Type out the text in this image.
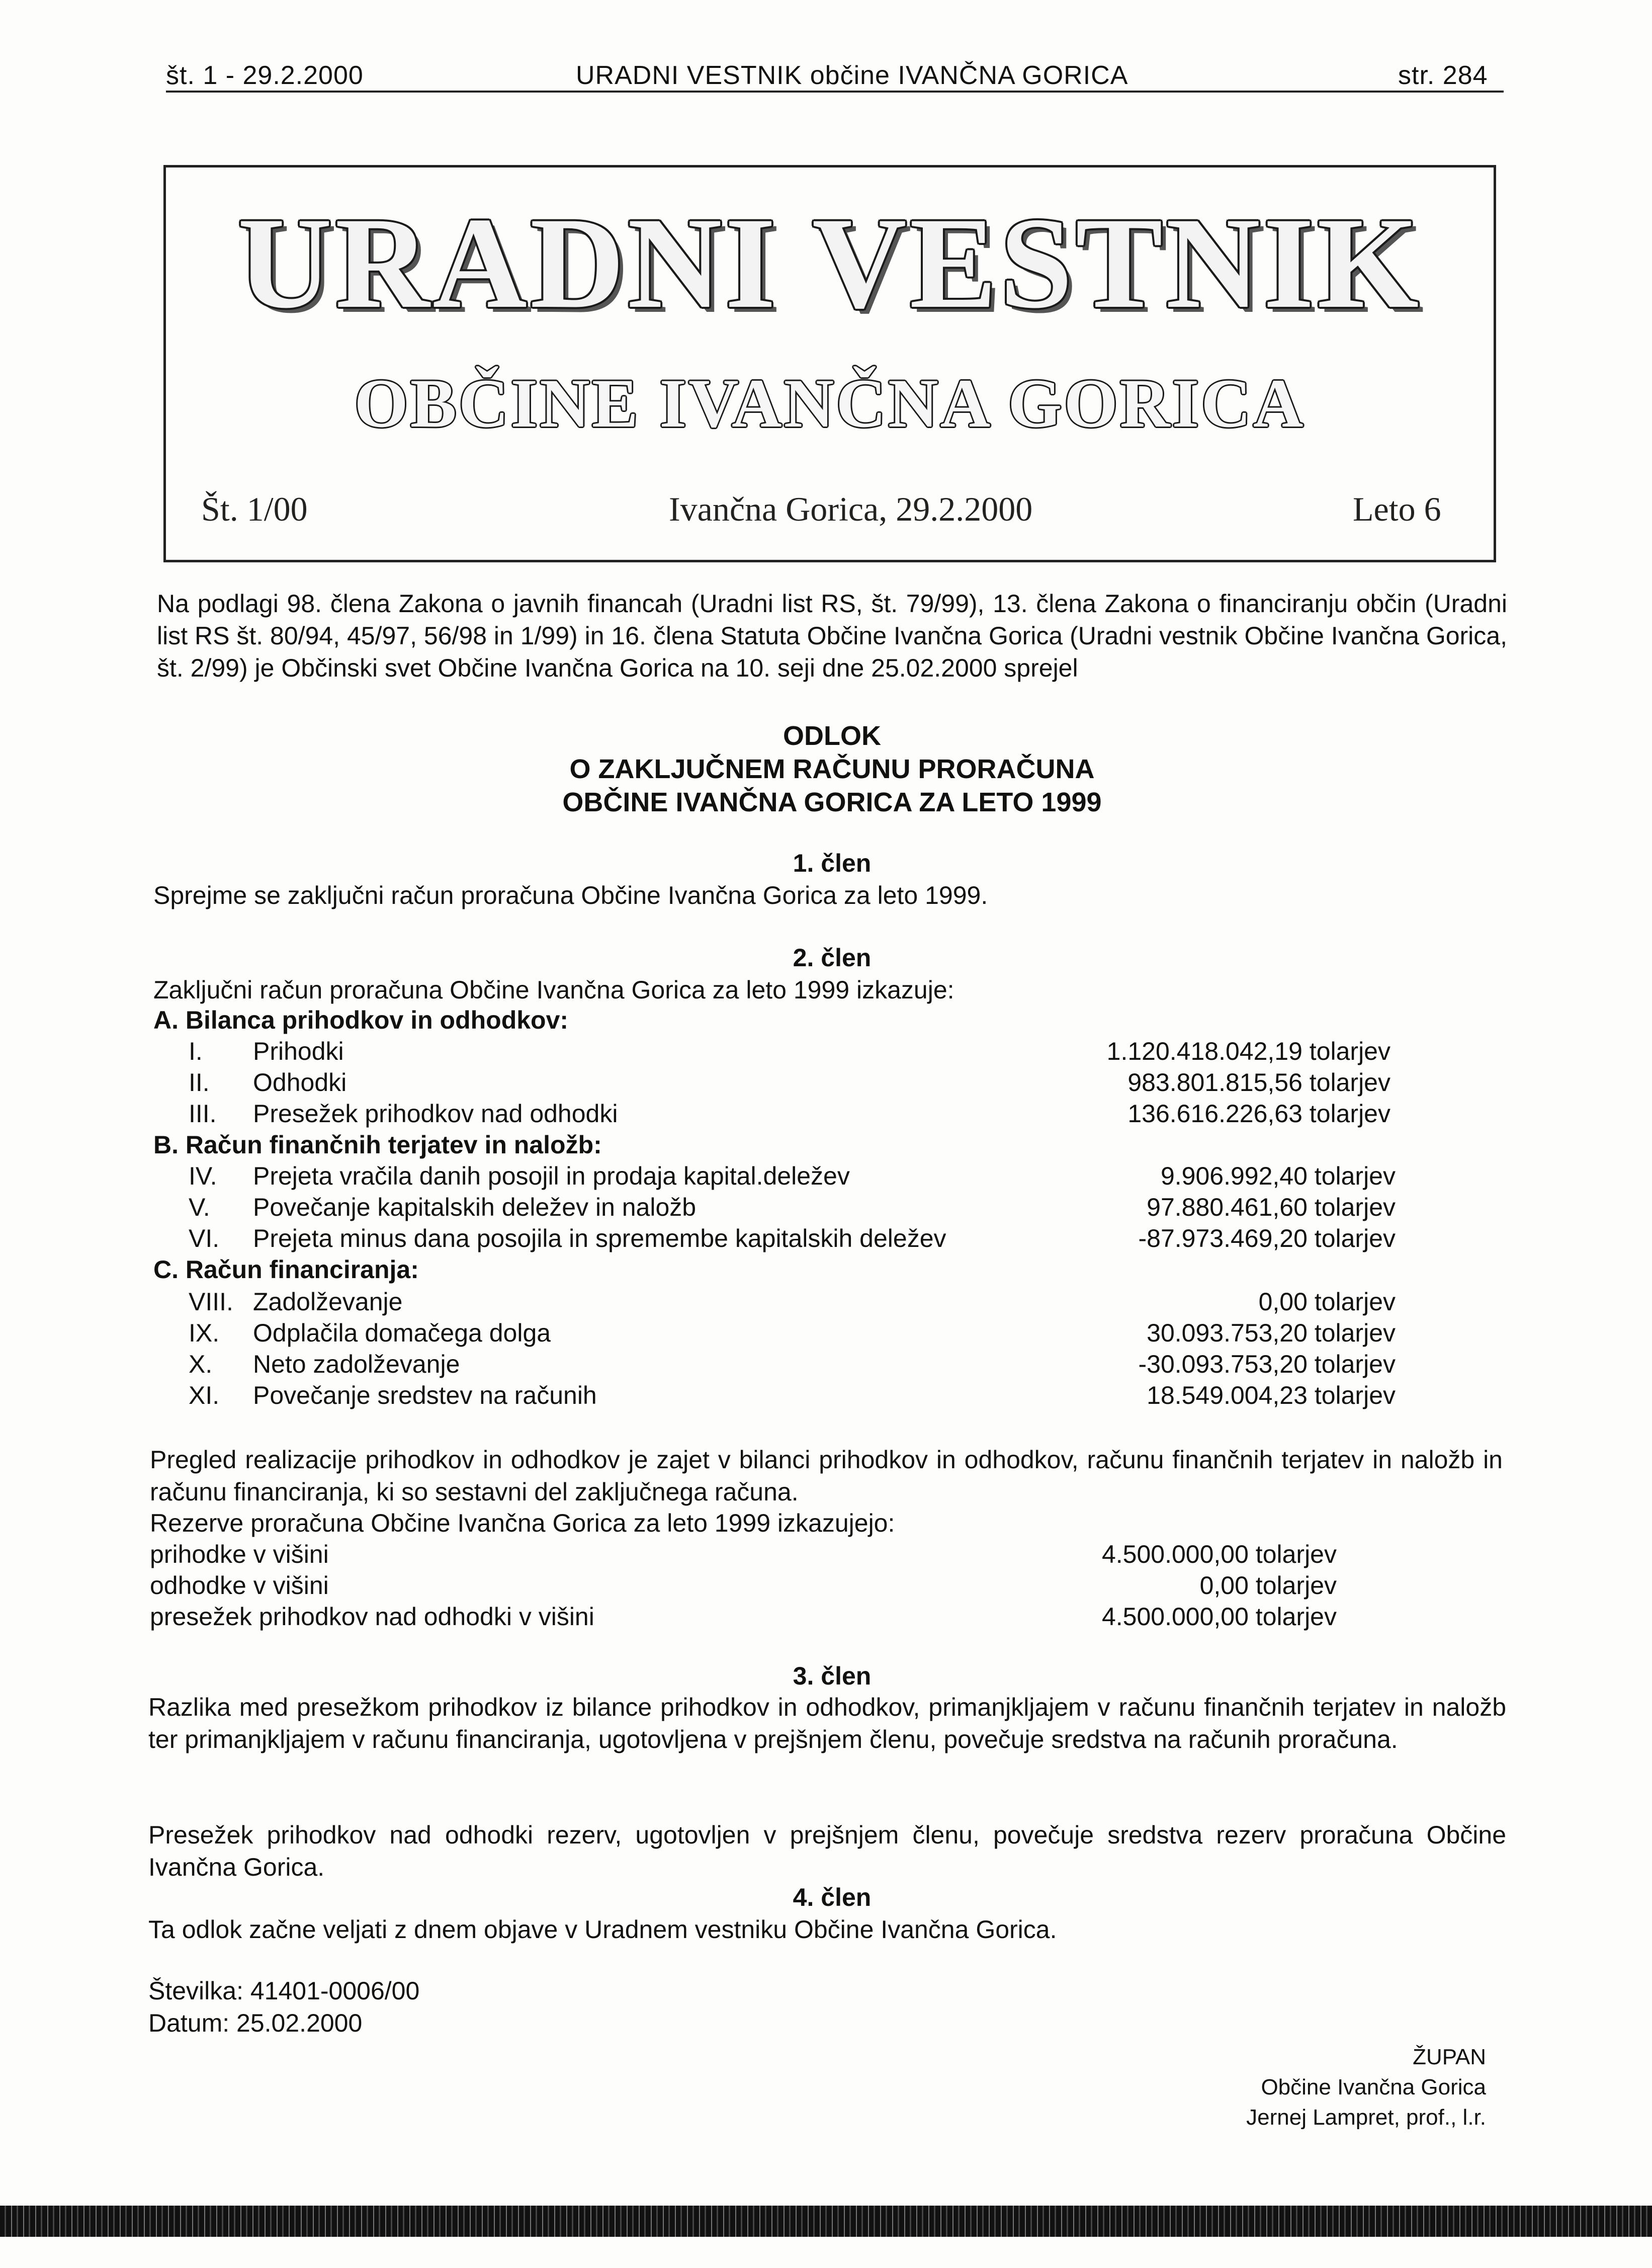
št. 1 - 29.2.2000	URADNI VESTNIK občine IVANČNA GORICA	str. 284
URADNI VESTNIK
OBČINE IVANČNA GORICA
Št. 1/00	Ivančna Gorica, 29.2.2000	Leto 6
Na podlagi 98. člena Zakona o javnih financah (Uradni list RS, št. 79/99), 13. člena Zakona o financiranju občin (Uradni list RS št. 80/94, 45/97, 56/98 in 1/99) in 16. člena Statuta Občine Ivančna Gorica (Uradni vestnik Občine Ivančna Gorica, št. 2/99) je Občinski svet Občine Ivančna Gorica na 10. seji dne 25.02.2000 sprejel
ODLOK
O ZAKLJUČNEM RAČUNU PRORAČUNA
OBČINE IVANČNA GORICA ZA LETO 1999
1. člen
Sprejme se zaključni račun proračuna Občine Ivančna Gorica za leto 1999.
2. člen
Zaključni račun proračuna Občine Ivančna Gorica za leto 1999 izkazuje:
A. Bilanca prihodkov in odhodkov:
I.	Prihodki	1.120.418.042,19 tolarjev
II.	Odhodki	983.801.815,56 tolarjev
III.	Presežek prihodkov nad odhodki	136.616.226,63 tolarjev
B. Račun finančnih terjatev in naložb:
IV.	Prejeta vračila danih posojil in prodaja kapital.deležev	9.906.992,40 tolarjev
V.	Povečanje kapitalskih deležev in naložb	97.880.461,60 tolarjev
VI.	Prejeta minus dana posojila in spremembe kapitalskih deležev	-87.973.469,20 tolarjev
C. Račun financiranja:
VIII. Zadolževanje	0,00 tolarjev
IX.	Odplačila domačega dolga	30.093.753,20 tolarjev
X.	Neto zadolževanje	-30.093.753,20 tolarjev
XI.	Povečanje sredstev na računih	18.549.004,23 tolarjev
Pregled realizacije prihodkov in odhodkov je zajet v bilanci prihodkov in odhodkov, računu finančnih terjatev in naložb in računu financiranja, ki so sestavni del zaključnega računa.
Rezerve proračuna Občine Ivančna Gorica za leto 1999 izkazujejo:
prihodke v višini	4.500.000,00 tolarjev
odhodke v višini	0,00 tolarjev
presežek prihodkov nad odhodki v višini	4.500.000,00 tolarjev
3. člen
Razlika med presežkom prihodkov iz bilance prihodkov in odhodkov, primanjkljajem v računu finančnih terjatev in naložb ter primanjkljajem v računu financiranja, ugotovljena v prejšnjem členu, povečuje sredstva na računih proračuna.
Presežek prihodkov nad odhodki rezerv, ugotovljen v prejšnjem členu, povečuje sredstva rezerv proračuna Občine Ivančna Gorica.
4. člen
Ta odlok začne veljati z dnem objave v Uradnem vestniku Občine Ivančna Gorica.
Številka: 41401-0006/00
Datum: 25.02.2000
ŽUPAN
Občine Ivančna Gorica
Jernej Lampret, prof., l.r.
